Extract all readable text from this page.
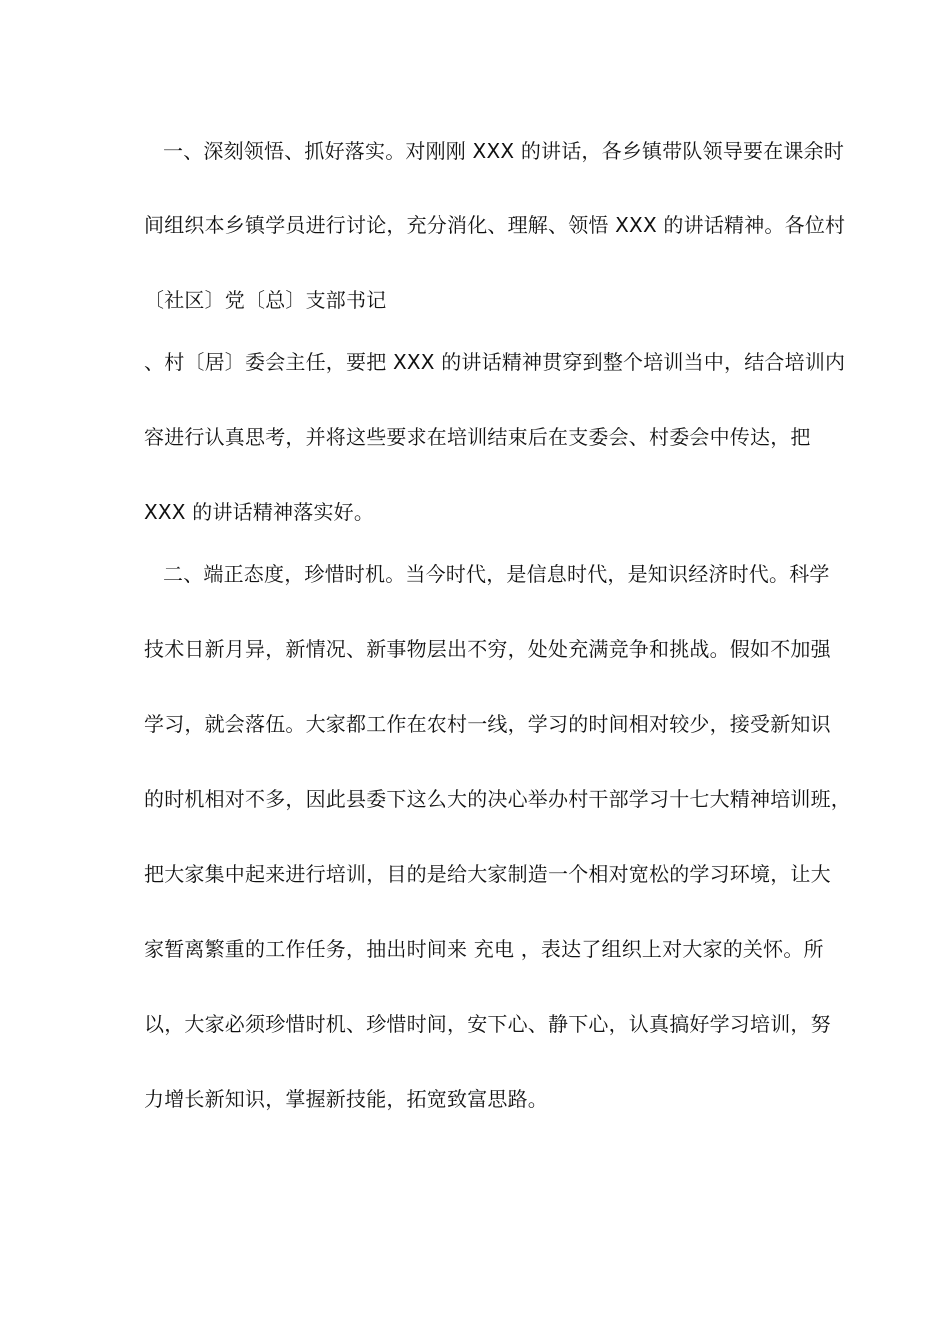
一、深刻领悟、抓好落实。对刚刚 XXX 的讲话，各乡镇带队领导要在课余时
间组织本乡镇学员进行讨论，充分消化、理解、领悟 XXX 的讲话精神。各位村
〔社区〕党〔总〕支部书记
、村〔居〕委会主任，要把 XXX 的讲话精神贯穿到整个培训当中，结合培训内
容进行认真思考，并将这些要求在培训结束后在支委会、村委会中传达，把
XXX 的讲话精神落实好。
二、端正态度，珍惜时机。当今时代，是信息时代，是知识经济时代。科学
技术日新月异，新情况、新事物层出不穷，处处充满竞争和挑战。假如不加强
学习，就会落伍。大家都工作在农村一线，学习的时间相对较少，接受新知识
的时机相对不多，因此县委下这么大的决心举办村干部学习十七大精神培训班，
把大家集中起来进行培训，目的是给大家制造一个相对宽松的学习环境，让大
家暂离繁重的工作任务，抽出时间来 充电 ，表达了组织上对大家的关怀。所
以，大家必须珍惜时机、珍惜时间，安下心、静下心，认真搞好学习培训，努
力增长新知识，掌握新技能，拓宽致富思路。
